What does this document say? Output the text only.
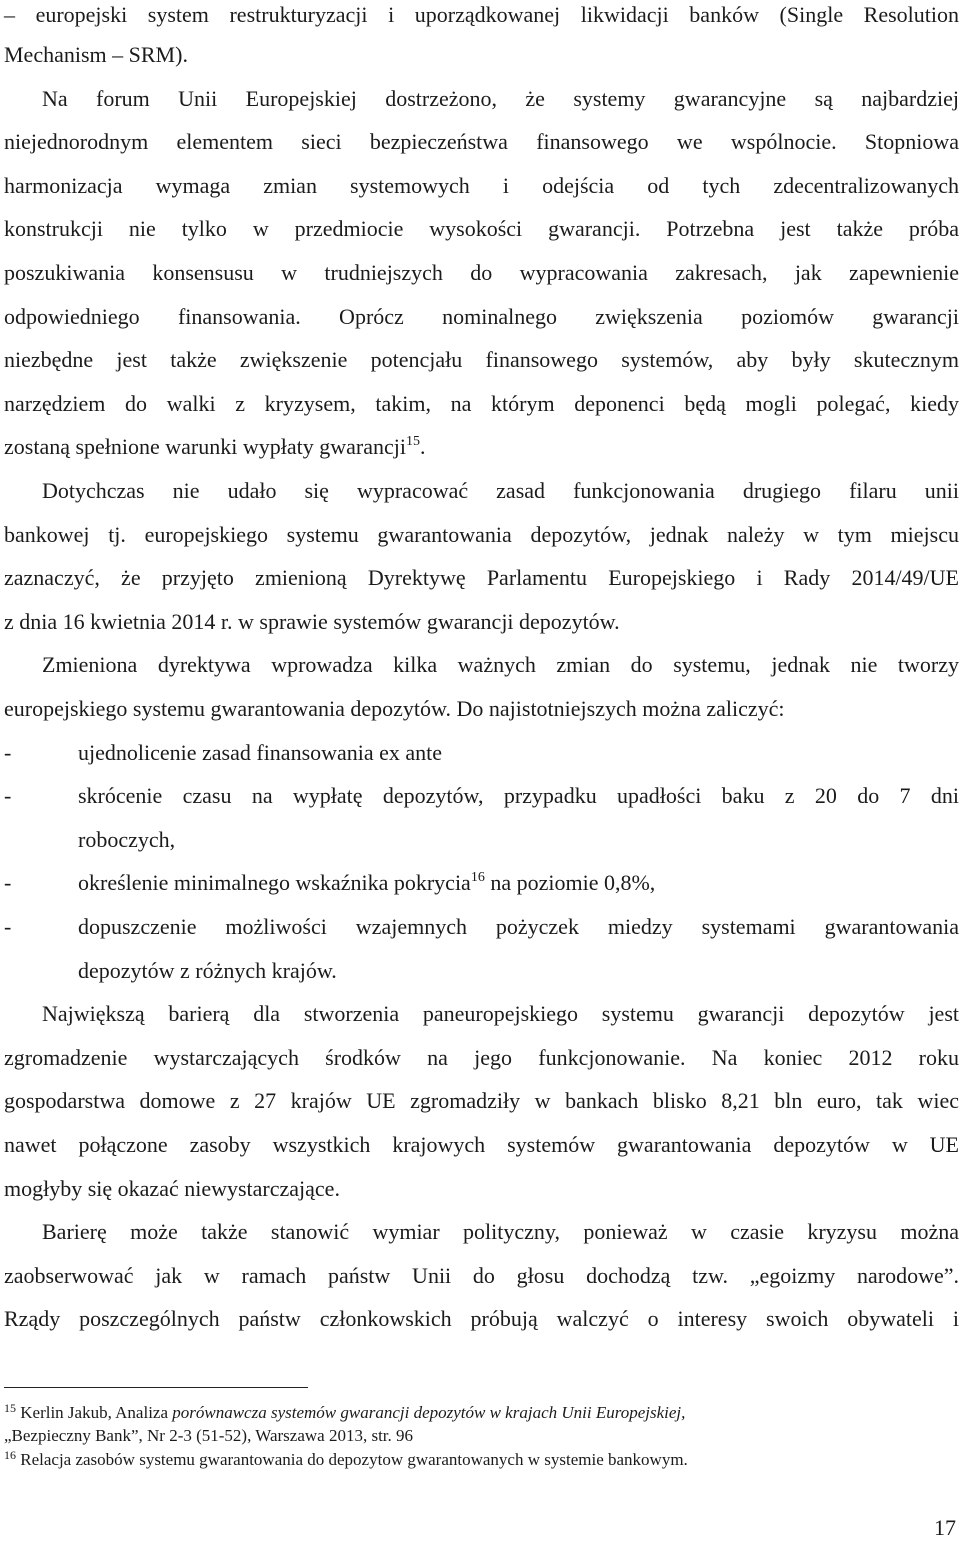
– europejski system restrukturyzacji i uporządkowanej likwidacji banków (Single Resolution
Mechanism – SRM).
Na forum Unii Europejskiej dostrzeżono, że systemy gwarancyjne są najbardziej
niejednorodnym elementem sieci bezpieczeństwa finansowego we wspólnocie. Stopniowa
harmonizacja wymaga zmian systemowych i odejścia od tych zdecentralizowanych
konstrukcji nie tylko w przedmiocie wysokości gwarancji. Potrzebna jest także próba
poszukiwania konsensusu w trudniejszych do wypracowania zakresach, jak zapewnienie
odpowiedniego finansowania. Oprócz nominalnego zwiększenia poziomów gwarancji
niezbędne jest także zwiększenie potencjału finansowego systemów, aby były skutecznym
narzędziem do walki z kryzysem, takim, na którym deponenci będą mogli polegać, kiedy
zostaną spełnione warunki wypłaty gwarancji$^{15}$.
Dotychczas nie udało się wypracować zasad funkcjonowania drugiego filaru unii
bankowej tj. europejskiego systemu gwarantowania depozytów, jednak należy w tym miejscu
zaznaczyć, że przyjęto zmienioną Dyrektywę Parlamentu Europejskiego i Rady 2014/49/UE
z dnia 16 kwietnia 2014 r. w sprawie systemów gwarancji depozytów.
Zmieniona dyrektywa wprowadza kilka ważnych zmian do systemu, jednak nie tworzy
europejskiego systemu gwarantowania depozytów. Do najistotniejszych można zaliczyć:
-	ujednolicenie zasad finansowania ex ante
-	skrócenie czasu na wypłatę depozytów, przypadku upadłości baku z 20 do 7 dni
roboczych,
-	określenie minimalnego wskaźnika pokrycia$^{16}$ na poziomie 0,8%,
-	dopuszczenie możliwości wzajemnych pożyczek miedzy systemami gwarantowania
depozytów z różnych krajów.
Największą barierą dla stworzenia paneuropejskiego systemu gwarancji depozytów jest
zgromadzenie wystarczających środków na jego funkcjonowanie. Na koniec 2012 roku
gospodarstwa domowe z 27 krajów UE zgromadziły w bankach blisko 8,21 bln euro, tak wiec
nawet połączone zasoby wszystkich krajowych systemów gwarantowania depozytów w UE
mogłyby się okazać niewystarczające.
Barierę może także stanowić wymiar polityczny, ponieważ w czasie kryzysu można
zaobserwować jak w ramach państw Unii do głosu dochodzą tzw. „egoizmy narodowe”.
Rządy poszczególnych państw członkowskich próbują walczyć o interesy swoich obywateli i
$^{15}$ Kerlin Jakub, Analiza porównawcza systemów gwarancji depozytów w krajach Unii Europejskiej,
„Bezpieczny Bank”, Nr 2-3 (51-52), Warszawa 2013, str. 96
$^{16}$ Relacja zasobów systemu gwarantowania do depozytow gwarantowanych w systemie bankowym.
17
